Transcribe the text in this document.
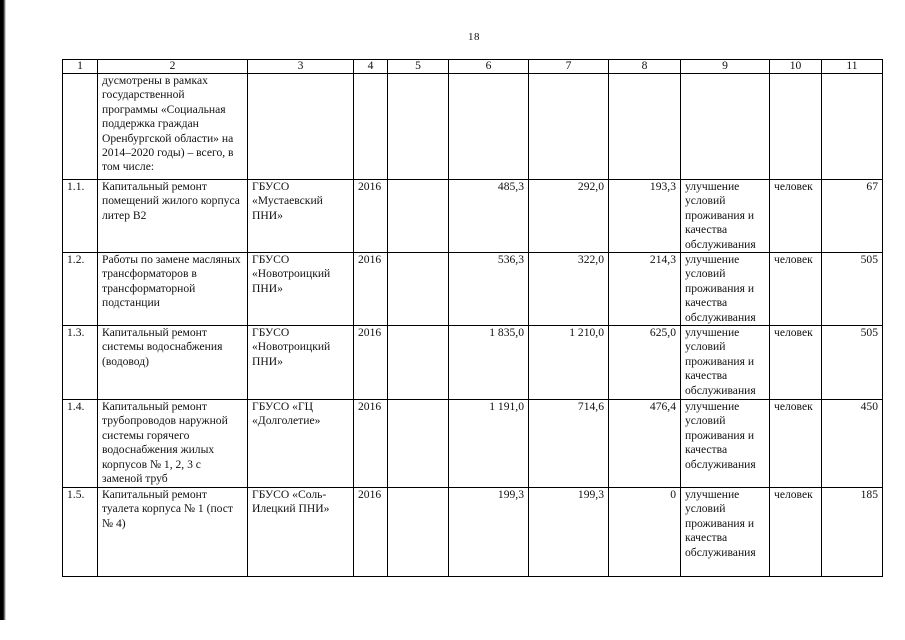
18
1	2	3	4	5	6	7	8	9	10	11
	дусмотрены в рамках государственной программы «Социальная поддержка граждан Оренбургской области» на 2014–2020 годы) – всего, в том числе:									
1.1.	Капитальный ремонт помещений жилого корпуса литер В2	ГБУСО «Мустаевский ПНИ»	2016		485,3	292,0	193,3	улучшение условий проживания и качества обслуживания	человек	67
1.2.	Работы по замене масляных трансформаторов в трансформаторной подстанции	ГБУСО «Новотроицкий ПНИ»	2016		536,3	322,0	214,3	улучшение условий проживания и качества обслуживания	человек	505
1.3.	Капитальный ремонт системы водоснабжения (водовод)	ГБУСО «Новотроицкий ПНИ»	2016		1 835,0	1 210,0	625,0	улучшение условий проживания и качества обслуживания	человек	505
1.4.	Капитальный ремонт трубопроводов наружной системы горячего водоснабжения жилых корпусов № 1, 2, 3 с заменой труб	ГБУСО «ГЦ «Долголетие»	2016		1 191,0	714,6	476,4	улучшение условий проживания и качества обслуживания	человек	450
1.5.	Капитальный ремонт туалета корпуса № 1 (пост № 4)	ГБУСО «Соль-Илецкий ПНИ»	2016		199,3	199,3	0	улучшение условий проживания и качества обслуживания	человек	185
